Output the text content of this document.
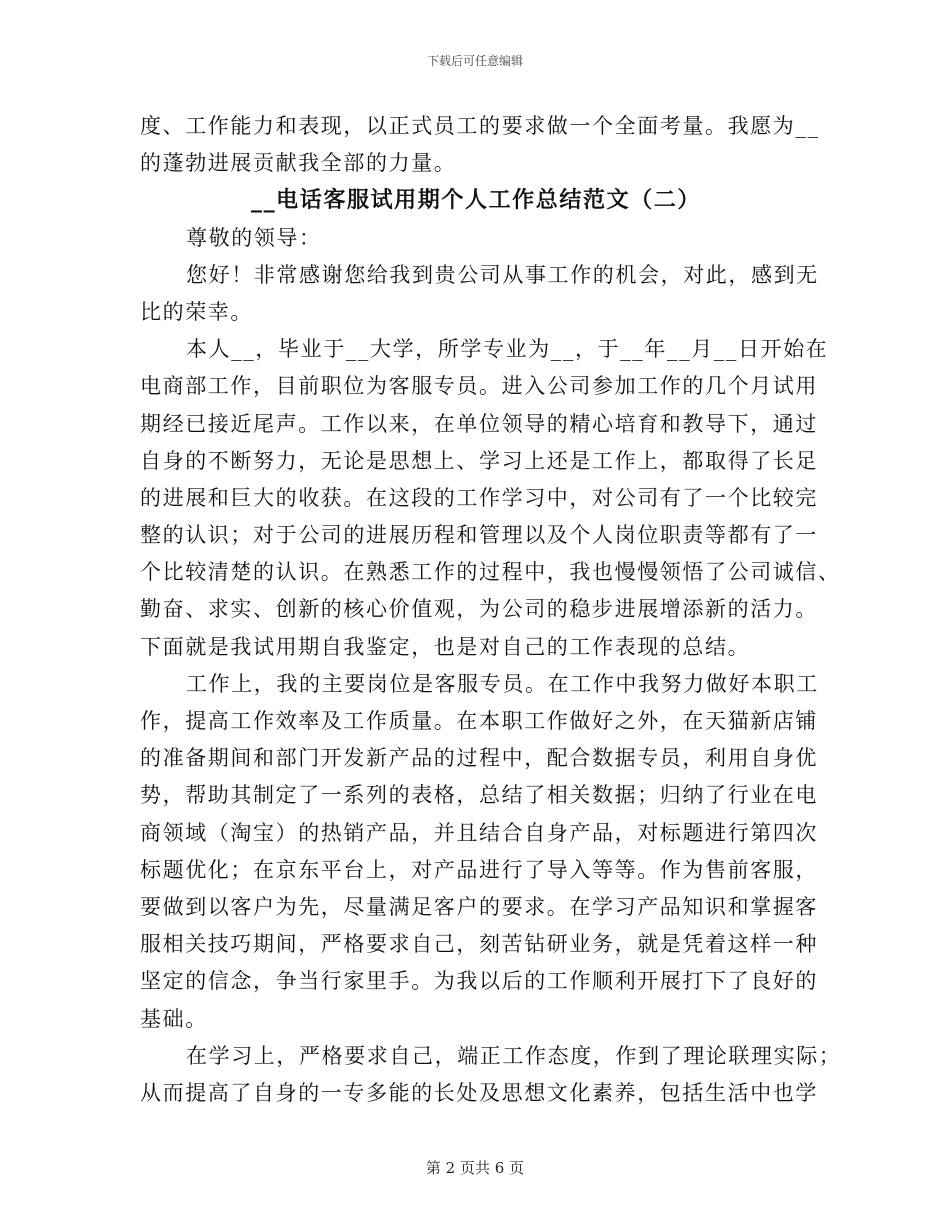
下载后可任意编辑
度、工作能力和表现，以正式员工的要求做一个全面考量。我愿为__
的蓬勃进展贡献我全部的力量。
__电话客服试用期个人工作总结范文（二）
尊敬的领导：
您好！非常感谢您给我到贵公司从事工作的机会，对此，感到无
比的荣幸。
本人__，毕业于__大学，所学专业为__，于__年__月__日开始在
电商部工作，目前职位为客服专员。进入公司参加工作的几个月试用
期经已接近尾声。工作以来，在单位领导的精心培育和教导下，通过
自身的不断努力，无论是思想上、学习上还是工作上，都取得了长足
的进展和巨大的收获。在这段的工作学习中，对公司有了一个比较完
整的认识；对于公司的进展历程和管理以及个人岗位职责等都有了一
个比较清楚的认识。在熟悉工作的过程中，我也慢慢领悟了公司诚信、
勤奋、求实、创新的核心价值观，为公司的稳步进展增添新的活力。
下面就是我试用期自我鉴定，也是对自己的工作表现的总结。
工作上，我的主要岗位是客服专员。在工作中我努力做好本职工
作，提高工作效率及工作质量。在本职工作做好之外，在天猫新店铺
的准备期间和部门开发新产品的过程中，配合数据专员，利用自身优
势，帮助其制定了一系列的表格，总结了相关数据；归纳了行业在电
商领域（淘宝）的热销产品，并且结合自身产品，对标题进行第四次
标题优化；在京东平台上，对产品进行了导入等等。作为售前客服，
要做到以客户为先，尽量满足客户的要求。在学习产品知识和掌握客
服相关技巧期间，严格要求自己，刻苦钻研业务，就是凭着这样一种
坚定的信念，争当行家里手。为我以后的工作顺利开展打下了良好的
基础。
在学习上，严格要求自己，端正工作态度，作到了理论联理实际；
从而提高了自身的一专多能的长处及思想文化素养，包括生活中也学
第 2 页共 6 页
